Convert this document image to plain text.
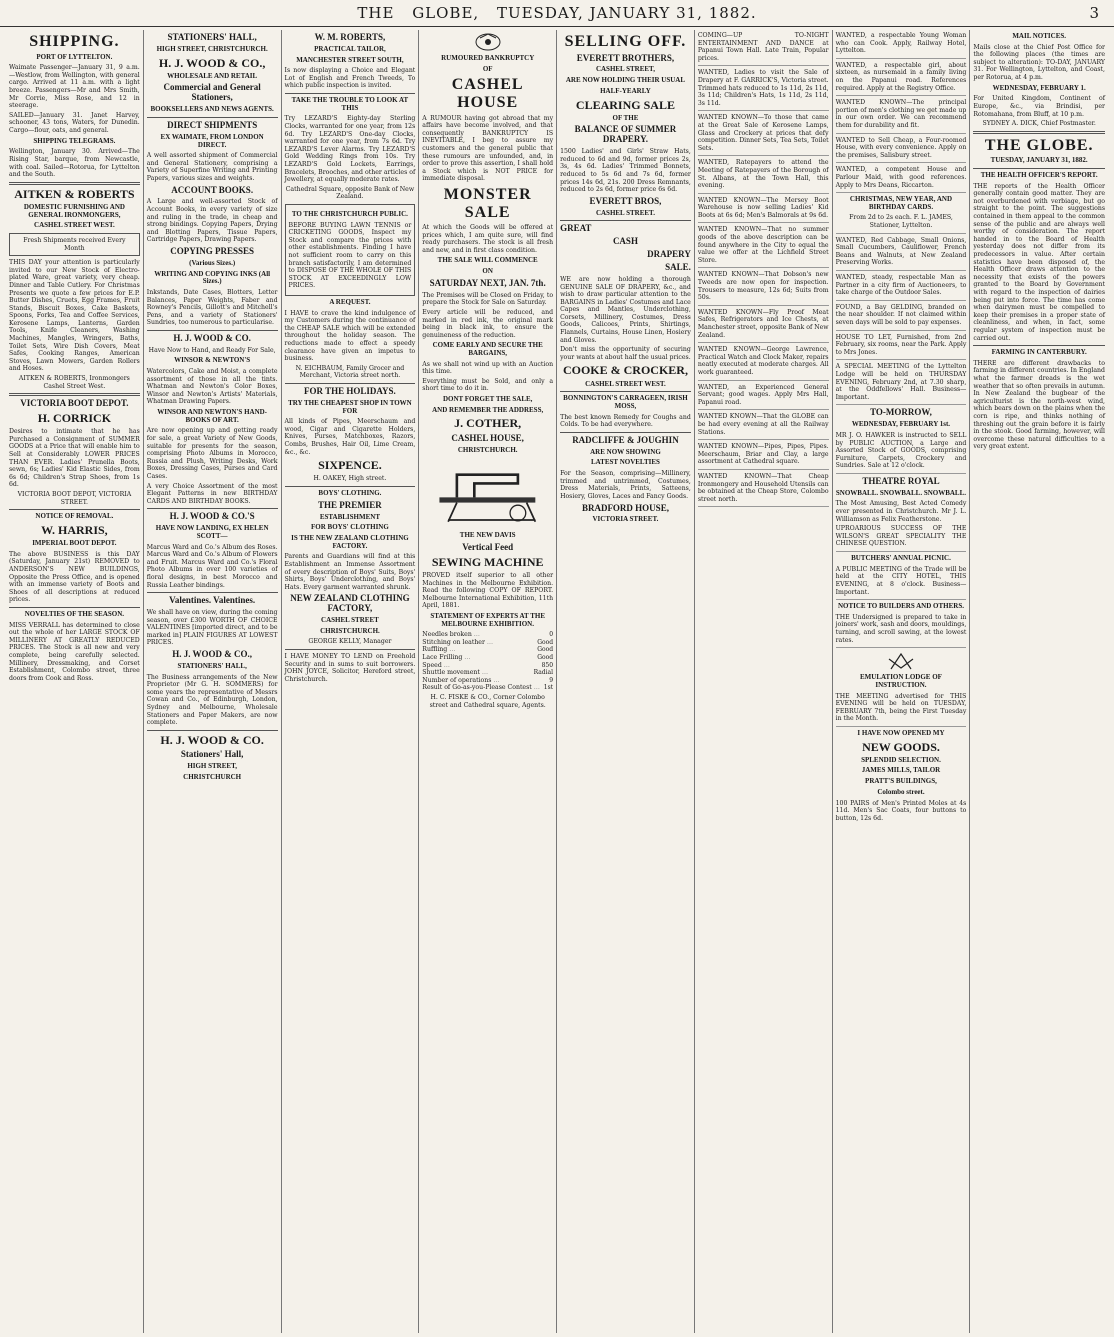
THE GLOBE, TUESDAY, JANUARY 31, 1882.	3
SHIPPING.
PORT OF LYTTELTON.

Waimate Passenger—January 31, 9 a.m.—Westlow, from Wellington, with general cargo. Arrived at 11 a.m. with a light breeze. Passengers—Mr and Mrs Smith, Mr Corrie, Miss Rose, and 12 in steerage.

SAILED—January 31. Janet Harvey, schooner, 43 tons, Waters, for Dunedin. Cargo—flour, oats, and general.

SHIPPING TELEGRAMS.

Wellington, January 30. Arrived—The Rising Star, barque, from Newcastle, with coal. Sailed—Rotorua, for Lyttelton and the South.

AITKEN & ROBERTS
DOMESTIC FURNISHING AND GENERAL IRONMONGERS,
CASHEL STREET WEST.
Fresh Shipments received Every Month

THIS DAY your attention is particularly invited to our New Stock of Electro-plated Ware, great variety, very cheap. Dinner and Table Cutlery. For Christmas Presents we quote a few prices for E.P. Butter Dishes, Cruets, Egg Frames, Fruit Stands, Biscuit Boxes, Cake Baskets, Spoons, Forks, Tea and Coffee Services, Kerosene Lamps, Lanterns, Garden Tools, Knife Cleaners, Washing Machines, Mangles, Wringers, Baths, Toilet Sets, Wire Dish Covers, Meat Safes, Cooking Ranges, American Stoves, Lawn Mowers, Garden Rollers and Hoses.

AITKEN & ROBERTS, Ironmongers Cashel Street West.

VICTORIA BOOT DEPOT.
H. CORRICK

Desires to intimate that he has Purchased a Consignment of SUMMER GOODS at a Price that will enable him to Sell at Considerably LOWER PRICES THAN EVER. Ladies' Prunella Boots, sewn, 6s; Ladies' Kid Elastic Sides, from 6s 6d; Children's Strap Shoes, from 1s 6d.

VICTORIA BOOT DEPOT, VICTORIA STREET.

NOTICE OF REMOVAL.
W. HARRIS,
IMPERIAL BOOT DEPOT.

The above BUSINESS is this DAY (Saturday, January 21st) REMOVED to ANDERSON'S NEW BUILDINGS, Opposite the Press Office, and is opened with an immense variety of Boots and Shoes of all descriptions at reduced prices.

NOVELTIES OF THE SEASON.

MISS VERRALL has determined to close out the whole of her LARGE STOCK OF MILLINERY AT GREATLY REDUCED PRICES. The Stock is all new and very complete, being carefully selected. Millinery, Dressmaking, and Corset Establishment, Colombo street, three doors from Cook and Ross.

STATIONERS' HALL,
HIGH STREET, CHRISTCHURCH.
H. J. WOOD & CO.,
WHOLESALE AND RETAIL
Commercial and General Stationers,
BOOKSELLERS AND NEWS AGENTS.
DIRECT SHIPMENTS
EX WAIMATE, FROM LONDON DIRECT.

A well assorted shipment of Commercial and General Stationery, comprising a Variety of Superfine Writing and Printing Papers, various sizes and weights.

ACCOUNT BOOKS.

A Large and well-assorted Stock of Account Books, in every variety of size and ruling in the trade, in cheap and strong bindings. Copying Papers, Drying and Blotting Papers, Tissue Papers, Cartridge Papers, Drawing Papers.

COPYING PRESSES
(Various Sizes.)
WRITING AND COPYING INKS (All Sizes.)

Inkstands, Date Cases, Blotters, Letter Balances, Paper Weights, Faber and Rowney's Pencils, Gillott's and Mitchell's Pens, and a variety of Stationers' Sundries, too numerous to particularise.

H. J. WOOD & CO.

Have Now to Hand, and Ready For Sale,

WINSOR & NEWTON'S

Watercolors, Cake and Moist, a complete assortment of those in all the tints. Whatman and Newton's Color Boxes, Winsor and Newton's Artists' Materials, Whatman Drawing Papers.

WINSOR AND NEWTON'S HAND-BOOKS OF ART.

Are now opening up and getting ready for sale, a great Variety of New Goods, suitable for presents for the season, comprising Photo Albums in Morocco, Russia and Plush, Writing Desks, Work Boxes, Dressing Cases, Purses and Card Cases.

A very Choice Assortment of the most Elegant Patterns in new BIRTHDAY CARDS AND BIRTHDAY BOOKS.

H. J. WOOD & CO.'S
HAVE NOW LANDING, EX HELEN SCOTT—

Marcus Ward and Co.'s Album des Roses. Marcus Ward and Co.'s Album of Flowers and Fruit. Marcus Ward and Co.'s Floral Photo Albums in over 100 varieties of floral designs, in best Morocco and Russia Leather bindings.

Valentines. Valentines.

We shall have on view, during the coming season, over £300 WORTH OF CHOICE VALENTINES [imported direct, and to be marked in] PLAIN FIGURES AT LOWEST PRICES.

H. J. WOOD & CO.,
STATIONERS' HALL,

The Business arrangements of the New Proprietor (Mr G. H. SOMMERS) for some years the representative of Messrs Cowan and Co., of Edinburgh, London, Sydney and Melbourne, Wholesale Stationers and Paper Makers, are now complete.

H. J. WOOD & CO.
Stationers' Hall,
HIGH STREET,
CHRISTCHURCH
W. M. ROBERTS,
PRACTICAL TAILOR,
MANCHESTER STREET SOUTH,

Is now displaying a Choice and Elegant Lot of English and French Tweeds, To which public inspection is invited.

TAKE THE TROUBLE TO LOOK AT THIS

Try LEZARD'S Eighty-day Sterling Clocks, warranted for one year, from 12s 6d. Try LEZARD'S One-day Clocks, warranted for one year, from 7s 6d. Try LEZARD'S Lever Alarms. Try LEZARD'S Gold Wedding Rings from 10s. Try LEZARD'S Gold Lockets, Earrings, Bracelets, Brooches, and other articles of Jewellery, at equally moderate rates.

Cathedral Square, opposite Bank of New Zealand.

TO THE CHRISTCHURCH PUBLIC.

BEFORE BUYING LAWN TENNIS or CRICKETING GOODS, Inspect my Stock and compare the prices with other establishments. Finding I have not sufficient room to carry on this branch satisfactorily, I am determined to DISPOSE OF THE WHOLE OF THIS STOCK AT EXCEEDINGLY LOW PRICES.

A REQUEST.

I HAVE to crave the kind indulgence of my Customers during the continuance of the CHEAP SALE which will be extended throughout the holiday season. The reductions made to effect a speedy clearance have given an impetus to business.

N. EICHBAUM, Family Grocer and Merchant, Victoria street north.

FOR THE HOLIDAYS.
TRY THE CHEAPEST SHOP IN TOWN FOR

All kinds of Pipes, Meerschaum and wood, Cigar and Cigarette Holders, Knives, Purses, Matchboxes, Razors, Combs, Brushes, Hair Oil, Lime Cream, &c., &c.

SIXPENCE.

H. OAKEY, High street.

BOYS' CLOTHING.
THE PREMIER
ESTABLISHMENT
FOR BOYS' CLOTHING
IS THE NEW ZEALAND CLOTHING FACTORY.

Parents and Guardians will find at this Establishment an Immense Assortment of every description of Boys' Suits, Boys' Shirts, Boys' Underclothing, and Boys' Hats. Every garment warranted shrunk.

NEW ZEALAND CLOTHING FACTORY,
CASHEL STREET
CHRISTCHURCH.

GEORGE KELLY, Manager

I HAVE MONEY TO LEND on Freehold Security and in sums to suit borrowers. JOHN JOYCE, Solicitor, Hereford street, Christchurch.

RUMOURED BANKRUPTCY
OF
CASHEL HOUSE

A RUMOUR having got abroad that my affairs have become involved, and that consequently BANKRUPTCY IS INEVITABLE, I beg to assure my customers and the general public that these rumours are unfounded, and, in order to prove this assertion, I shall hold a Stock which is NOT PRICE for immediate disposal.

MONSTER SALE

At which the Goods will be offered at prices which, I am quite sure, will find ready purchasers. The stock is all fresh and new, and in first class condition.

THE SALE WILL COMMENCE
ON
SATURDAY NEXT, JAN. 7th.

The Premises will be Closed on Friday, to prepare the Stock for Sale on Saturday.

Every article will be reduced, and marked in red ink, the original mark being in black ink, to ensure the genuineness of the reduction.

COME EARLY AND SECURE THE BARGAINS,

As we shall not wind up with an Auction this time.

Everything must be Sold, and only a short time to do it in.

DONT FORGET THE SALE,
AND REMEMBER THE ADDRESS,
J. COTHER,
CASHEL HOUSE,
CHRISTCHURCH.
THE NEW DAVIS
Vertical Feed
SEWING MACHINE

PROVED itself superior to all other Machines in the Melbourne Exhibition. Read the following COPY OF REPORT. Melbourne International Exhibition, 11th April, 1881.

STATEMENT OF EXPERTS AT THE MELBOURNE EXHIBITION.
Needles broken …	0
Stitching on leather …	Good
Ruffling …	Good
Lace Frilling …	Good
Speed …	850
Shuttle movement …	Radial
Number of operations …	9
Result of Go-as-you-Please Contest … 1st

H. C. FISKE & CO., Corner Colombo street and Cathedral square, Agents.

SELLING OFF.
EVERETT BROTHERS,
CASHEL STREET,
ARE NOW HOLDING THEIR USUAL
HALF-YEARLY
CLEARING SALE
OF THE
BALANCE OF SUMMER DRAPERY.

1500 Ladies' and Girls' Straw Hats, reduced to 6d and 9d, former prices 2s, 3s, 4s 6d. Ladies' Trimmed Bonnets, reduced to 5s 6d and 7s 6d, former prices 14s 6d, 21s. 200 Dress Remnants, reduced to 2s 6d, former price 6s 6d.

EVERETT BROS,
CASHEL STREET.
GREAT
CASH
DRAPERY
SALE.

WE are now holding a thorough GENUINE SALE OF DRAPERY, &c., and wish to draw particular attention to the BARGAINS in Ladies' Costumes and Lace Capes and Mantles, Underclothing, Corsets, Millinery, Costumes, Dress Goods, Calicoes, Prints, Shirtings, Flannels, Curtains, House Linen, Hosiery and Gloves.

Don't miss the opportunity of securing your wants at about half the usual prices.

COOKE & CROCKER,
CASHEL STREET WEST.
BONNINGTON'S CARRAGEEN, IRISH MOSS,

The best known Remedy for Coughs and Colds. To be had everywhere.

RADCLIFFE & JOUGHIN
ARE NOW SHOWING
LATEST NOVELTIES

For the Season, comprising—Millinery, trimmed and untrimmed, Costumes, Dress Materials, Prints, Satteens, Hosiery, Gloves, Laces and Fancy Goods.

BRADFORD HOUSE,
VICTORIA STREET.

COMING—UP TO-NIGHT ENTERTAINMENT AND DANCE at Papanui Town Hall. Late Train, Popular prices.

WANTED, Ladies to visit the Sale of Drapery at F. GARRICK'S, Victoria street. Trimmed hats reduced to 1s 11d, 2s 11d, 3s 11d; Children's Hats, 1s 11d, 2s 11d, 3s 11d.

WANTED KNOWN—To those that came at the Great Sale of Kerosene Lamps, Glass and Crockery at prices that defy competition. Dinner Sets, Tea Sets, Toilet Sets.

WANTED, Ratepayers to attend the Meeting of Ratepayers of the Borough of St. Albans, at the Town Hall, this evening.

WANTED KNOWN—The Mersey Boot Warehouse is now selling Ladies' Kid Boots at 6s 6d; Men's Balmorals at 9s 6d.

WANTED KNOWN—That no summer goods of the above description can be found anywhere in the City to equal the value we offer at the Lichfield Street Store.

WANTED KNOWN—That Dobson's new Tweeds are now open for inspection. Trousers to measure, 12s 6d; Suits from 50s.

WANTED KNOWN—Fly Proof Meat Safes, Refrigerators and Ice Chests, at Manchester street, opposite Bank of New Zealand.

WANTED KNOWN—George Lawrence, Practical Watch and Clock Maker, repairs neatly executed at moderate charges. All work guaranteed.

WANTED, an Experienced General Servant; good wages. Apply Mrs Hall, Papanui road.

WANTED KNOWN—That the GLOBE can be had every evening at all the Railway Stations.

WANTED KNOWN—Pipes, Pipes, Pipes. Meerschaum, Briar and Clay, a large assortment at Cathedral square.

WANTED KNOWN—That Cheap Ironmongery and Household Utensils can be obtained at the Cheap Store, Colombo street north.

WANTED, a respectable Young Woman who can Cook. Apply, Railway Hotel, Lyttelton.

WANTED, a respectable girl, about sixteen, as nursemaid in a family living on the Papanui road. References required. Apply at the Registry Office.

WANTED KNOWN—The principal portion of men's clothing we get made up in our own order. We can recommend them for durability and fit.

WANTED to Sell Cheap, a Four-roomed House, with every convenience. Apply on the premises, Salisbury street.

WANTED, a competent House and Parlour Maid, with good references. Apply to Mrs Deans, Riccarton.

CHRISTMAS, NEW YEAR, AND BIRTHDAY CARDS.

From 2d to 2s each. F. L. JAMES, Stationer, Lyttelton.

WANTED, Red Cabbage, Small Onions, Small Cucumbers, Cauliflower, French Beans and Walnuts, at New Zealand Preserving Works.

WANTED, steady, respectable Man as Partner in a city firm of Auctioneers, to take charge of the Outdoor Sales.

FOUND, a Bay GELDING, branded on the near shoulder. If not claimed within seven days will be sold to pay expenses.

HOUSE TO LET, Furnished, from 2nd February, six rooms, near the Park. Apply to Mrs Jones.

A SPECIAL MEETING of the Lyttelton Lodge will be held on THURSDAY EVENING, February 2nd, at 7.30 sharp, at the Oddfellows' Hall. Business—Important.

TO-MORROW,
WEDNESDAY, FEBRUARY 1st.

MR J. O. HAWKER is instructed to SELL by PUBLIC AUCTION, a Large and Assorted Stock of GOODS, comprising Furniture, Carpets, Crockery and Sundries. Sale at 12 o'clock.

THEATRE ROYAL
SNOWBALL. SNOWBALL. SNOWBALL.

The Most Amusing, Best Acted Comedy ever presented in Christchurch. Mr J. L. Williamson as Felix Featherstone.

UPROARIOUS SUCCESS OF THE WILSON'S GREAT SPECIALITY THE CHINESE QUESTION.

BUTCHERS' ANNUAL PICNIC.

A PUBLIC MEETING of the Trade will be held at the CITY HOTEL, THIS EVENING, at 8 o'clock. Business—Important.

NOTICE TO BUILDERS AND OTHERS.

THE Undersigned is prepared to take in joiners' work, sash and doors, mouldings, turning, and scroll sawing, at the lowest rates.

EMULATION LODGE OF INSTRUCTION.

THE MEETING advertised for THIS EVENING will be held on TUESDAY, FEBRUARY 7th, being the First Tuesday in the Month.

I HAVE NOW OPENED MY
NEW GOODS.
SPLENDID SELECTION.
JAMES MILLS, TAILOR
PRATT'S BUILDINGS,
Colombo street.

100 PAIRS of Men's Printed Moles at 4s 11d. Men's Sac Coats, four buttons to button, 12s 6d.

MAIL NOTICES.

Mails close at the Chief Post Office for the following places (the times are subject to alteration): TO-DAY, JANUARY 31. For Wellington, Lyttelton, and Coast, per Rotorua, at 4 p.m.

WEDNESDAY, FEBRUARY 1.

For United Kingdom, Continent of Europe, &c., via Brindisi, per Rotomahana, from Bluff, at 10 p.m.

SYDNEY A. DICK, Chief Postmaster.

THE GLOBE.
TUESDAY, JANUARY 31, 1882.
THE HEALTH OFFICER'S REPORT.

THE reports of the Health Officer generally contain good matter. They are not overburdened with verbiage, but go straight to the point. The suggestions contained in them appeal to the common sense of the public and are always well worthy of consideration. The report handed in to the Board of Health yesterday does not differ from its predecessors in value. After certain statistics have been disposed of, the Health Officer draws attention to the necessity that exists of the powers granted to the Board by Government with regard to the inspection of dairies being put into force. The time has come when dairymen must be compelled to keep their premises in a proper state of cleanliness, and when, in fact, some regular system of inspection must be carried out.

FARMING IN CANTERBURY.

THERE are different drawbacks to farming in different countries. In England what the farmer dreads is the wet weather that so often prevails in autumn. In New Zealand the bugbear of the agriculturist is the north-west wind, which bears down on the plains when the corn is ripe, and thinks nothing of threshing out the grain before it is fairly in the stook. Good farming, however, will overcome these natural difficulties to a very great extent.
